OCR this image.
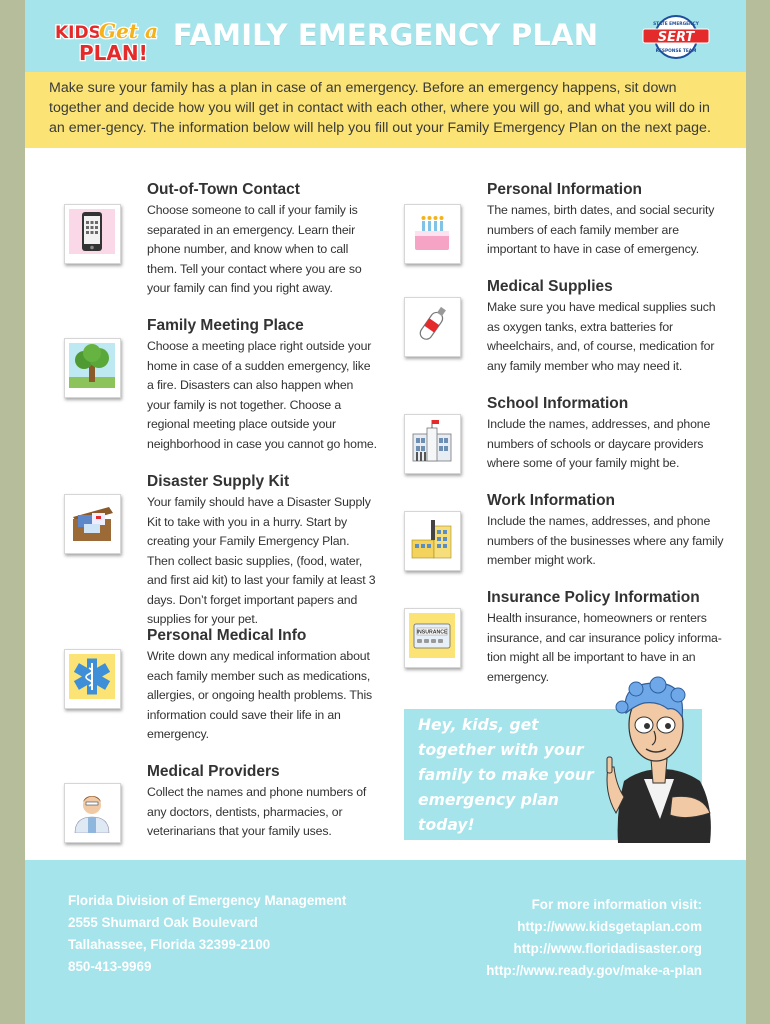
KIDS
Get a
PLAN!
FAMILY EMERGENCY PLAN	STATE EMERGENCY
SERT
RESPONSE TEAM

Make sure your family has a plan in case of an emergency. Before an emergency happens, sit down together and decide how you will get in contact with each other, where you will go, and what you will do in an emer-gency. The information below will help you fill out your Family Emergency Plan on the next page.

Out-of-Town Contact

Choose someone to call if your family is separated in an emergency. Learn their phone number, and know when to call them. Tell your contact where you are so your family can find you right away.

Family Meeting Place

Choose a meeting place right outside your home in case of a sudden emergency, like a fire. Disasters can also happen when your family is not together. Choose a regional meeting place outside your neighborhood in case you cannot go home.

Disaster Supply Kit

Your family should have a Disaster Supply Kit to take with you in a hurry. Start by creating your Family Emergency Plan. Then collect basic supplies, (food, water, and first aid kit) to last your family at least 3 days. Don’t forget important papers and supplies for your pet.

Personal Medical Info

Write down any medical information about each family member such as medications, allergies, or ongoing health problems. This information could save their life in an emergency.

Medical Providers

Collect the names and phone numbers of any doctors, dentists, pharmacies, or veterinarians that your family uses.

Personal Information

The names, birth dates, and social security numbers of each family member are important to have in case of emergency.

Medical Supplies

Make sure you have medical supplies such as oxygen tanks, extra batteries for wheelchairs, and, of course, medication for any family member who may need it.

School Information

Include the names, addresses, and phone numbers of schools or daycare providers where some of your family might be.

Work Information

Include the names, addresses, and phone numbers of the businesses where any family member might work.

INSURANCE
Insurance Policy Information

Health insurance, homeowners or renters insurance, and car insurance policy informa-tion might all be important to have in an emergency.

Hey, kids, get together with your family to make your emergency plan today!
Florida Division of Emergency Management
2555 Shumard Oak Boulevard
Tallahassee, Florida 32399-2100
850-413-9969
For more information visit:
http://www.kidsgetaplan.com
http://www.floridadisaster.org
http://www.ready.gov/make-a-plan
